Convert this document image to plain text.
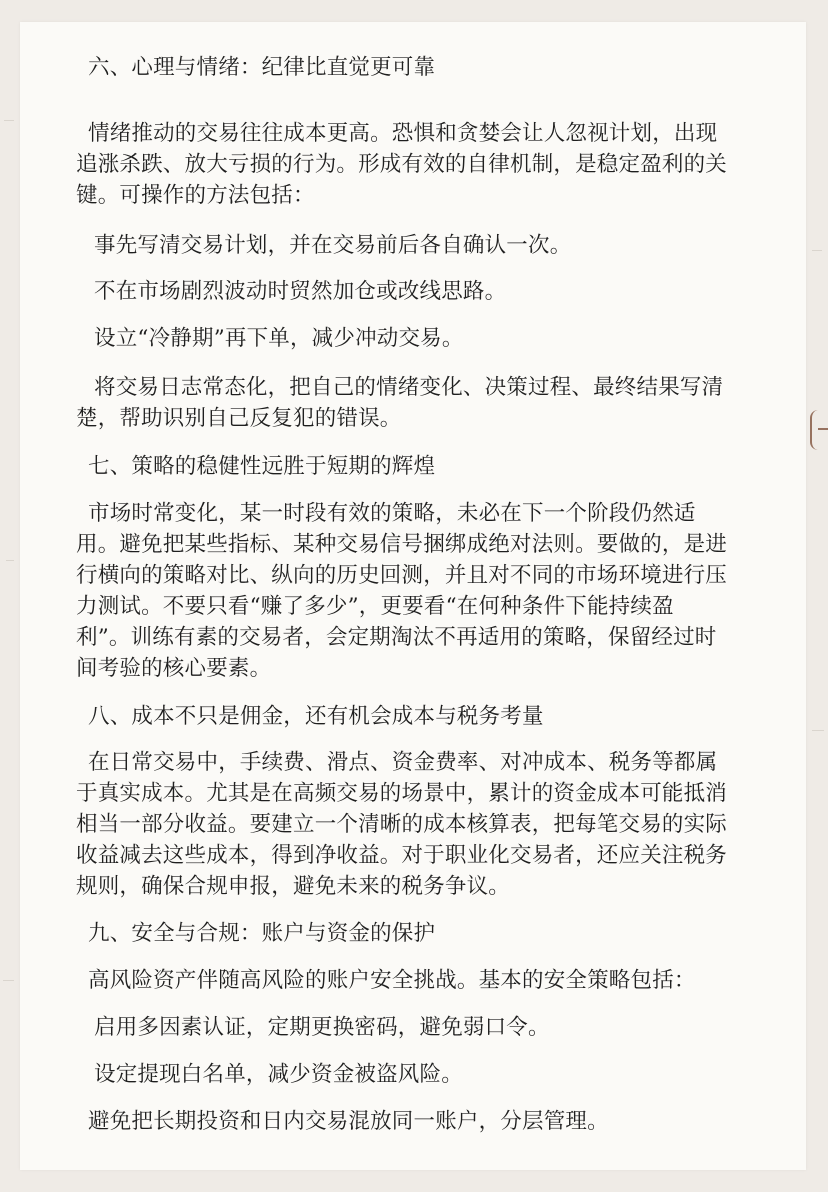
六、心理与情绪：纪律比直觉更可靠
情绪推动的交易往往成本更高。恐惧和贪婪会让人忽视计划，出现
追涨杀跌、放大亏损的行为。形成有效的自律机制，是稳定盈利的关
键。可操作的方法包括：
事先写清交易计划，并在交易前后各自确认一次。
不在市场剧烈波动时贸然加仓或改线思路。
设立“冷静期”再下单，减少冲动交易。
将交易日志常态化，把自己的情绪变化、决策过程、最终结果写清
楚，帮助识别自己反复犯的错误。
七、策略的稳健性远胜于短期的辉煌
市场时常变化，某一时段有效的策略，未必在下一个阶段仍然适
用。避免把某些指标、某种交易信号捆绑成绝对法则。要做的，是进
行横向的策略对比、纵向的历史回测，并且对不同的市场环境进行压
力测试。不要只看“赚了多少”，更要看“在何种条件下能持续盈
利”。训练有素的交易者，会定期淘汰不再适用的策略，保留经过时
间考验的核心要素。
八、成本不只是佣金，还有机会成本与税务考量
在日常交易中，手续费、滑点、资金费率、对冲成本、税务等都属
于真实成本。尤其是在高频交易的场景中，累计的资金成本可能抵消
相当一部分收益。要建立一个清晰的成本核算表，把每笔交易的实际
收益减去这些成本，得到净收益。对于职业化交易者，还应关注税务
规则，确保合规申报，避免未来的税务争议。
九、安全与合规：账户与资金的保护
高风险资产伴随高风险的账户安全挑战。基本的安全策略包括：
启用多因素认证，定期更换密码，避免弱口令。
设定提现白名单，减少资金被盗风险。
避免把长期投资和日内交易混放同一账户，分层管理。
